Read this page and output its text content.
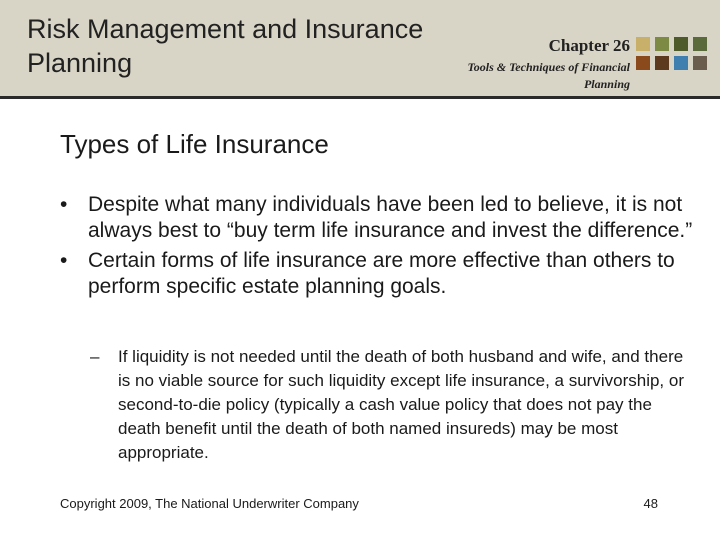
Risk Management and Insurance Planning
Chapter 26
Tools & Techniques of Financial Planning
Types of Life Insurance
• Despite what many individuals have been led to believe, it is not always best to “buy term life insurance and invest the difference.”
• Certain forms of life insurance are more effective than others to perform specific estate planning goals.
– If liquidity is not needed until the death of both husband and wife, and there is no viable source for such liquidity except life insurance, a survivorship, or second-to-die policy (typically a cash value policy that does not pay the death benefit until the death of both named insureds) may be most appropriate.
Copyright 2009, The National Underwriter Company	48
